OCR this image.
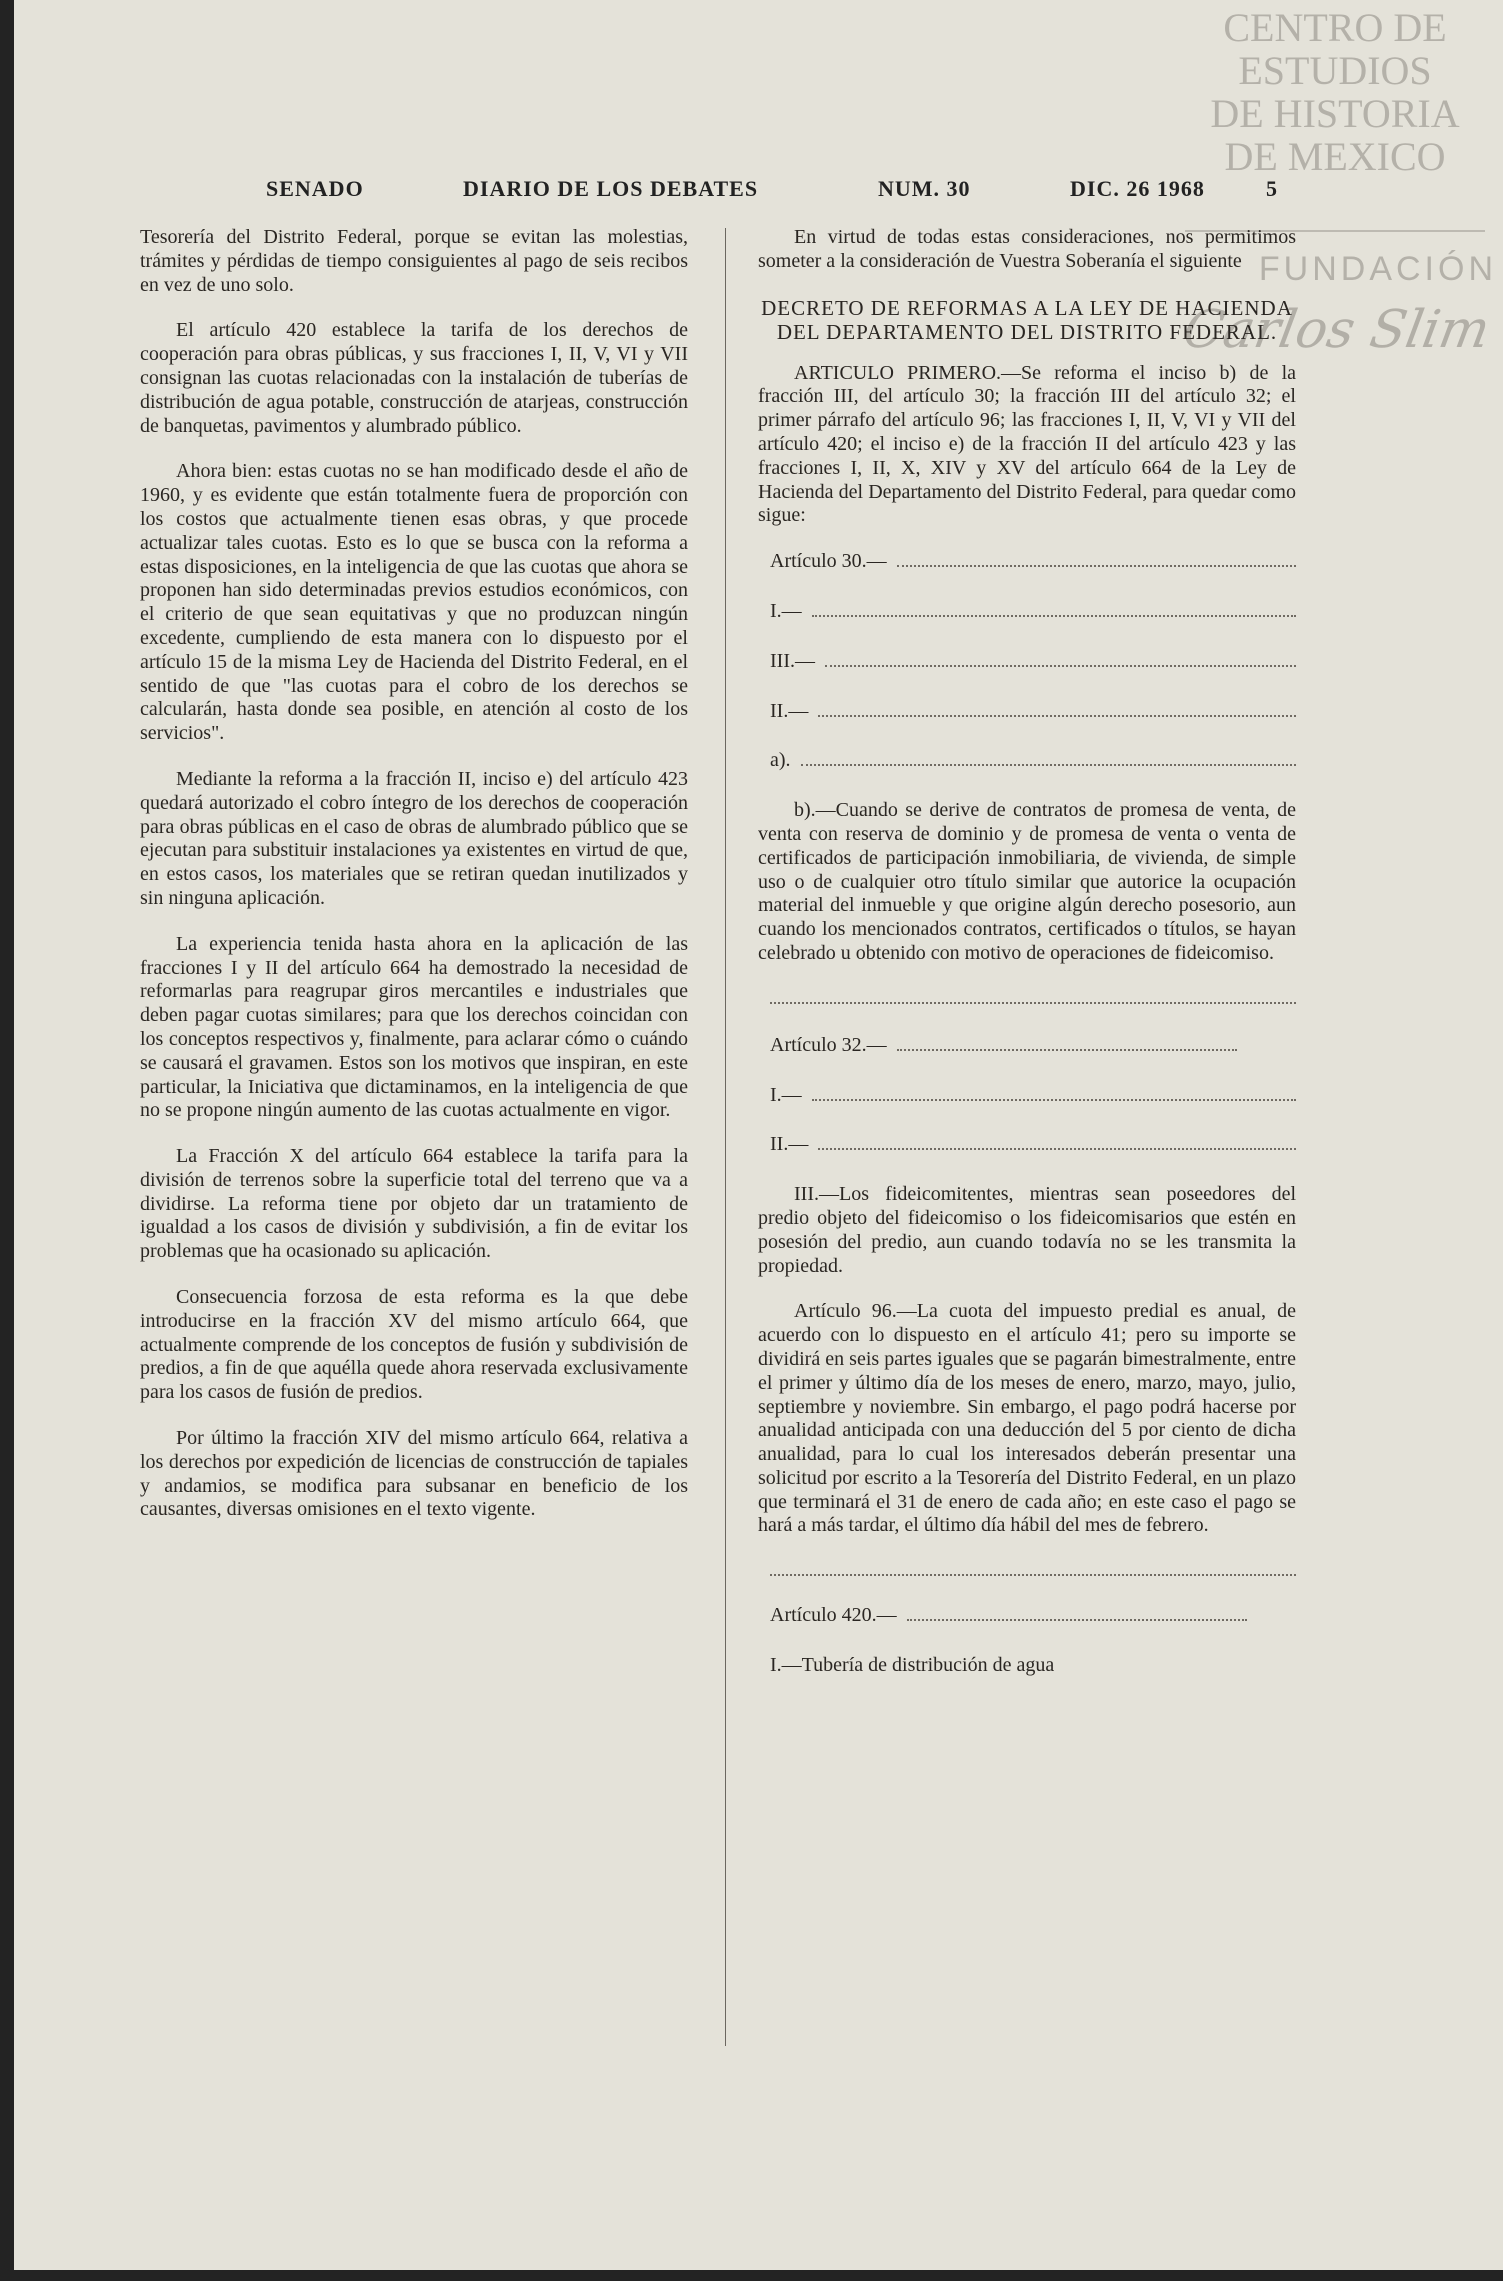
CENTRO DE
ESTUDIOS
DE HISTORIA
DE MEXICO
FUNDACIÓN
Carlos Slim
SENADO	DIARIO DE LOS DEBATES	NUM. 30	DIC. 26 1968	5

Tesorería del Distrito Federal, porque se evitan las molestias, trámites y pérdidas de tiempo consiguientes al pago de seis recibos en vez de uno solo.

El artículo 420 establece la tarifa de los derechos de cooperación para obras públicas, y sus fracciones I, II, V, VI y VII consignan las cuotas relacionadas con la instalación de tuberías de distribución de agua potable, construcción de atarjeas, construcción de banquetas, pavimentos y alumbrado público.

Ahora bien: estas cuotas no se han modificado desde el año de 1960, y es evidente que están totalmente fuera de proporción con los costos que actualmente tienen esas obras, y que procede actualizar tales cuotas. Esto es lo que se busca con la reforma a estas disposiciones, en la inteligencia de que las cuotas que ahora se proponen han sido determinadas previos estudios económicos, con el criterio de que sean equitativas y que no produzcan ningún excedente, cumpliendo de esta manera con lo dispuesto por el artículo 15 de la misma Ley de Hacienda del Distrito Federal, en el sentido de que "las cuotas para el cobro de los derechos se calcularán, hasta donde sea posible, en atención al costo de los servicios".

Mediante la reforma a la fracción II, inciso e) del artículo 423 quedará autorizado el cobro íntegro de los derechos de cooperación para obras públicas en el caso de obras de alumbrado público que se ejecutan para substituir instalaciones ya existentes en virtud de que, en estos casos, los materiales que se retiran quedan inutilizados y sin ninguna aplicación.

La experiencia tenida hasta ahora en la aplicación de las fracciones I y II del artículo 664 ha demostrado la necesidad de reformarlas para reagrupar giros mercantiles e industriales que deben pagar cuotas similares; para que los derechos coincidan con los conceptos respectivos y, finalmente, para aclarar cómo o cuándo se causará el gravamen. Estos son los motivos que inspiran, en este particular, la Iniciativa que dictaminamos, en la inteligencia de que no se propone ningún aumento de las cuotas actualmente en vigor.

La Fracción X del artículo 664 establece la tarifa para la división de terrenos sobre la superficie total del terreno que va a dividirse. La reforma tiene por objeto dar un tratamiento de igualdad a los casos de división y subdivisión, a fin de evitar los problemas que ha ocasionado su aplicación.

Consecuencia forzosa de esta reforma es la que debe introducirse en la fracción XV del mismo artículo 664, que actualmente comprende de los conceptos de fusión y subdivisión de predios, a fin de que aquélla quede ahora reservada exclusivamente para los casos de fusión de predios.

Por último la fracción XIV del mismo artículo 664, relativa a los derechos por expedición de licencias de construcción de tapiales y andamios, se modifica para subsanar en beneficio de los causantes, diversas omisiones en el texto vigente.

En virtud de todas estas consideraciones, nos permitimos someter a la consideración de Vuestra Soberanía el siguiente

DECRETO DE REFORMAS A LA LEY DE HACIENDA DEL DEPARTAMENTO DEL DISTRITO FEDERAL.

ARTICULO PRIMERO.—Se reforma el inciso b) de la fracción III, del artículo 30; la fracción III del artículo 32; el primer párrafo del artículo 96; las fracciones I, II, V, VI y VII del artículo 420; el inciso e) de la fracción II del artículo 423 y las fracciones I, II, X, XIV y XV del artículo 664 de la Ley de Hacienda del Departamento del Distrito Federal, para quedar como sigue:

Artículo 30.—
I.—
III.—
II.—
a).

b).—Cuando se derive de contratos de promesa de venta, de venta con reserva de dominio y de promesa de venta o venta de certificados de participación inmobiliaria, de vivienda, de simple uso o de cualquier otro título similar que autorice la ocupación material del inmueble y que origine algún derecho posesorio, aun cuando los mencionados contratos, certificados o títulos, se hayan celebrado u obtenido con motivo de operaciones de fideicomiso.

Artículo 32.—
I.—
II.—

III.—Los fideicomitentes, mientras sean poseedores del predio objeto del fideicomiso o los fideicomisarios que estén en posesión del predio, aun cuando todavía no se les transmita la propiedad.

Artículo 96.—La cuota del impuesto predial es anual, de acuerdo con lo dispuesto en el artículo 41; pero su importe se dividirá en seis partes iguales que se pagarán bimestralmente, entre el primer y último día de los meses de enero, marzo, mayo, julio, septiembre y noviembre. Sin embargo, el pago podrá hacerse por anualidad anticipada con una deducción del 5 por ciento de dicha anualidad, para lo cual los interesados deberán presentar una solicitud por escrito a la Tesorería del Distrito Federal, en un plazo que terminará el 31 de enero de cada año; en este caso el pago se hará a más tardar, el último día hábil del mes de febrero.

Artículo 420.—

I.—Tubería de distribución de agua
